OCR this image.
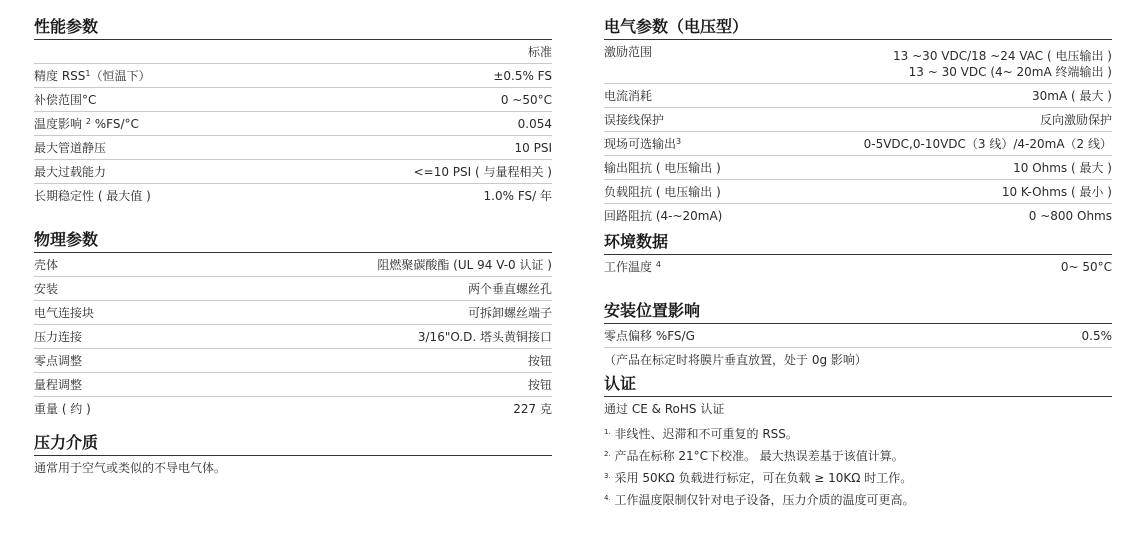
性能参数
标准
精度 RSS$^1$（恒温下）	±0.5% FS
补偿范围°C	0 ~50°C
温度影响 $^2$ %FS/°C	0.054
最大管道静压	10 PSI
最大过载能力	<=10 PSI ( 与量程相关 )
长期稳定性 ( 最大值 )	1.0% FS/ 年
物理参数
壳体	阻燃聚碳酸酯 (UL 94 V-0 认证 )
安装	两个垂直螺丝孔
电气连接块	可拆卸螺丝端子
压力连接	3/16"O.D. 塔头黄铜接口
零点调整	按钮
量程调整	按钮
重量 ( 约 )	227 克
压力介质
通常用于空气或类似的不导电气体。
电气参数（电压型）
激励范围	13 ~30 VDC/18 ~24 VAC ( 电压输出 )
13 ~ 30 VDC (4~ 20mA 终端输出 )
电流消耗	30mA ( 最大 )
误接线保护	反向激励保护
现场可选输出$^3$	0-5VDC,0-10VDC（3 线）/4-20mA（2 线）
输出阻抗 ( 电压输出 )	10 Ohms ( 最大 )
负载阻抗 ( 电压输出 )	10 K-Ohms ( 最小 )
回路阻抗 (4-~20mA)	0 ~800 Ohms
环境数据
工作温度 $^4$	0~ 50°C
安装位置影响
零点偏移 %FS/G	0.5%
（产品在标定时将膜片垂直放置，处于 0g 影响）
认证
通过 CE & RoHS 认证
$^{1.}$ 非线性、迟滞和不可重复的 RSS。
$^{2.}$ 产品在标称 21°C下校准。 最大热误差基于该值计算。
$^{3.}$ 采用 50KΩ 负载进行标定，可在负载 ≥ 10KΩ 时工作。
$^{4.}$ 工作温度限制仅针对电子设备，压力介质的温度可更高。
